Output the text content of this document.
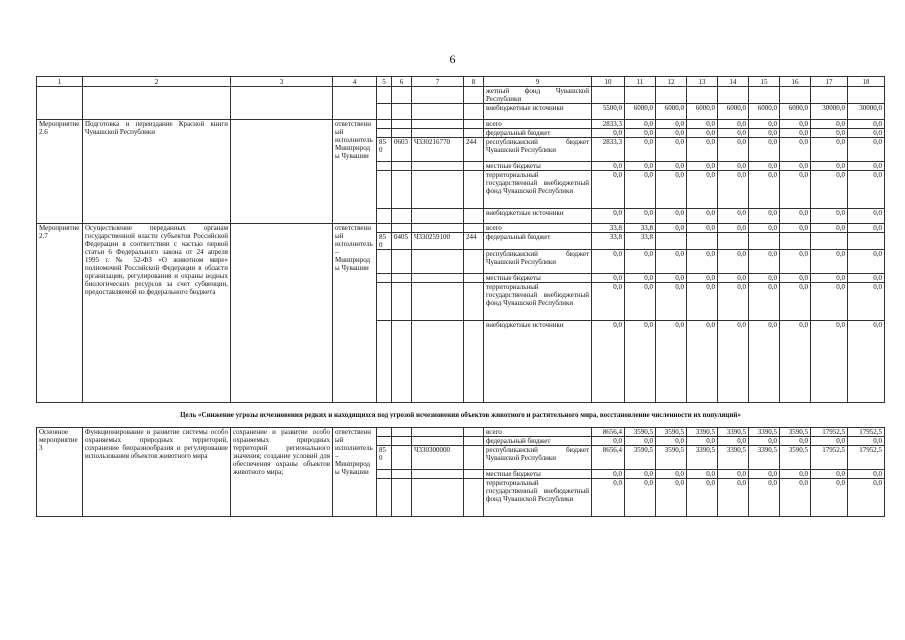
6
1	2	3	4	5	6	7	8	9	10	11	12	13	14	15	16	17	18
								жетный фонд Чувашской Республики									
								внебюджетные источники	5500,0	6000,0	6000,0	6000,0	6000,0	6000,0	6000,0	30000,0	30000,0
Мероприятие 2.6	Подготовка и переиздание Красной книги Чувашской Республики		ответственный исполнитель Минприроды Чувашии					всего	2833,3	0,0	0,0	0,0	0,0	0,0	0,0	0,0	0,0
								федеральный бюджет	0,0	0,0	0,0	0,0	0,0	0,0	0,0	0,0	0,0
				850	0603	Ч330216770	244	республиканский бюджет Чувашской Республики	2833,3	0,0	0,0	0,0	0,0	0,0	0,0	0,0	0,0
								местные бюджеты	0,0	0,0	0,0	0,0	0,0	0,0	0,0	0,0	0,0
								территориальный государственный внебюджетный фонд Чувашской Республики	0,0	0,0	0,0	0,0	0,0	0,0	0,0	0,0	0,0
								внебюджетные источники	0,0	0,0	0,0	0,0	0,0	0,0	0,0	0,0	0,0
Мероприятие 2.7	Осуществление переданных органам государственной власти субъектов Российской Федерации в соответствии с частью первой статьи 6 Федерального закона от 24 апреля 1995 г. № 52-ФЗ «О животном мире» полномочий Российской Федерации в области организации, регулирования и охраны водных биологических ресурсов за счет субвенции, предоставляемой из федерального бюджета		ответственный исполнитель – Минприроды Чувашии					всего	33,8	33,8	0,0	0,0	0,0	0,0	0,0	0,0	0,0
				850	0405	Ч330259100	244	федеральный бюджет	33,8	33,8							
								республиканский бюджет Чувашской Республики	0,0	0,0	0,0	0,0	0,0	0,0	0,0	0,0	0,0
								местные бюджеты	0,0	0,0	0,0	0,0	0,0	0,0	0,0	0,0	0,0
								территориальный государственный внебюджетный фонд Чувашской Республики	0,0	0,0	0,0	0,0	0,0	0,0	0,0	0,0	0,0
								внебюджетные источники	0,0	0,0	0,0	0,0	0,0	0,0	0,0	0,0	0,0
Цель «Снижение угрозы исчезновения редких и находящихся под угрозой исчезновения объектов животного и растительного мира, восстановление численности их популяций»																	
Основное мероприятие 3	Функционирование и развитие системы особо охраняемых природных территорий, сохранение биоразнообразия и регулирование использования объектов животного мира	сохранение и развитие особо охраняемых природных территорий регионального значения; создание условий для обеспечения охраны объектов животного мира;	ответственный исполнитель – Минприроды Чувашии					всего	8656,4	3590,5	3590,5	3390,5	3390,5	3390,5	3590,5	17952,5	17952,5
								федеральный бюджет	0,0	0,0	0,0	0,0	0,0	0,0	0,0	0,0	0,0
				850		Ч330300000		республиканский бюджет Чувашской Республики	8656,4	3590,5	3590,5	3390,5	3390,5	3390,5	3590,5	17952,5	17952,5
								местные бюджеты	0,0	0,0	0,0	0,0	0,0	0,0	0,0	0,0	0,0
								территориальный государственный внебюджетный фонд Чувашской Республики	0,0	0,0	0,0	0,0	0,0	0,0	0,0	0,0	0,0
